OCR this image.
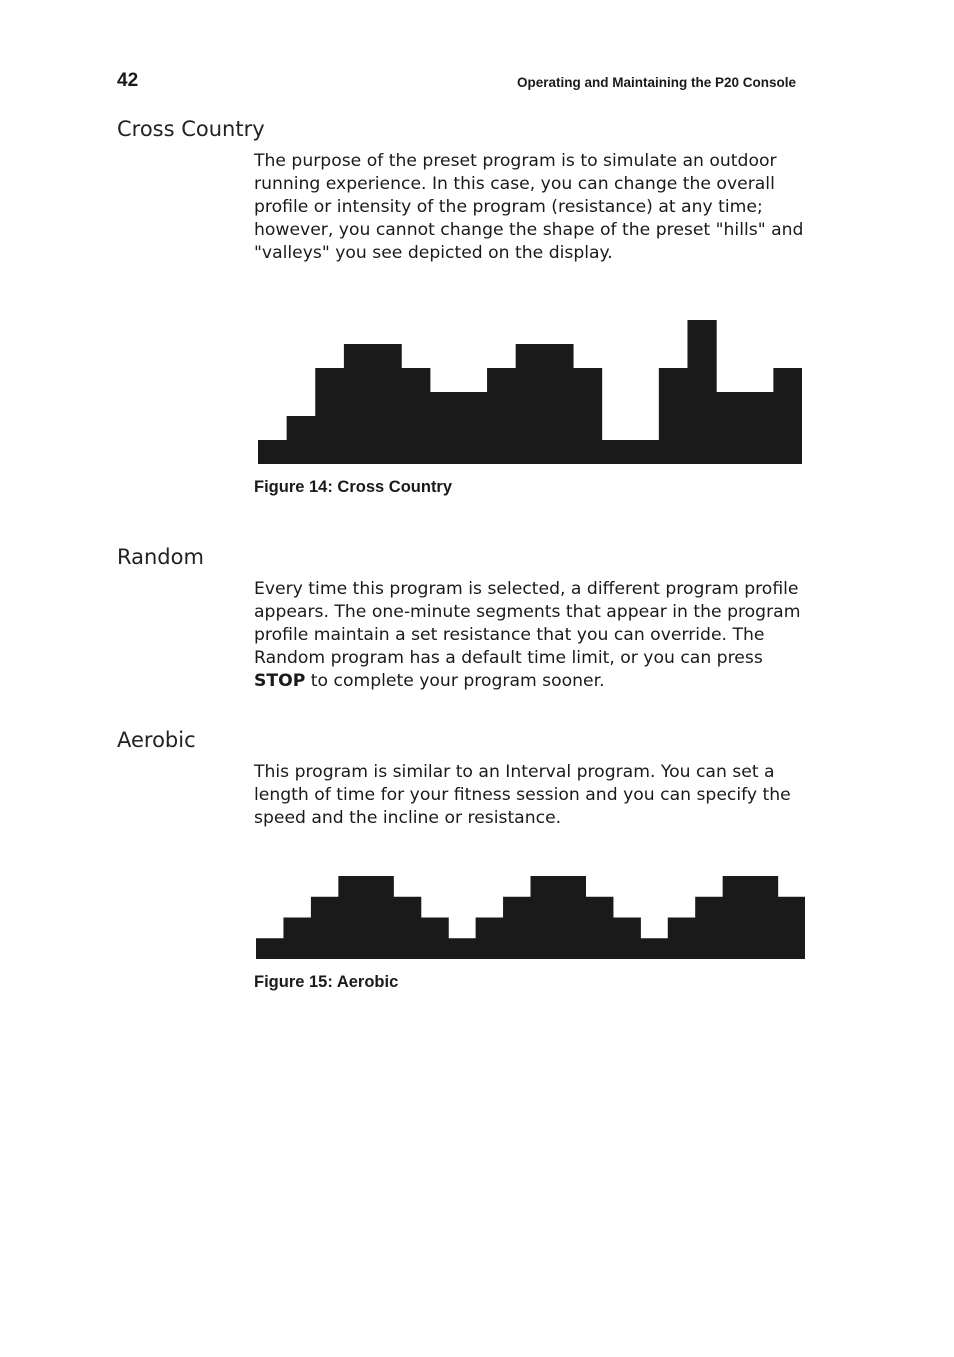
42	Operating and Maintaining the P20 Console
Cross Country

The purpose of the preset program is to simulate an outdoor running experience. In this case, you can change the overall profile or intensity of the program (resistance) at any time; however, you cannot change the shape of the preset "hills" and "valleys" you see depicted on the display.

Figure 14: Cross Country
Random

Every time this program is selected, a different program profile appears. The one-minute segments that appear in the program profile maintain a set resistance that you can override. The Random program has a default time limit, or you can press STOP to complete your program sooner.

Aerobic

This program is similar to an Interval program. You can set a length of time for your fitness session and you can specify the speed and the incline or resistance.

Figure 15: Aerobic
